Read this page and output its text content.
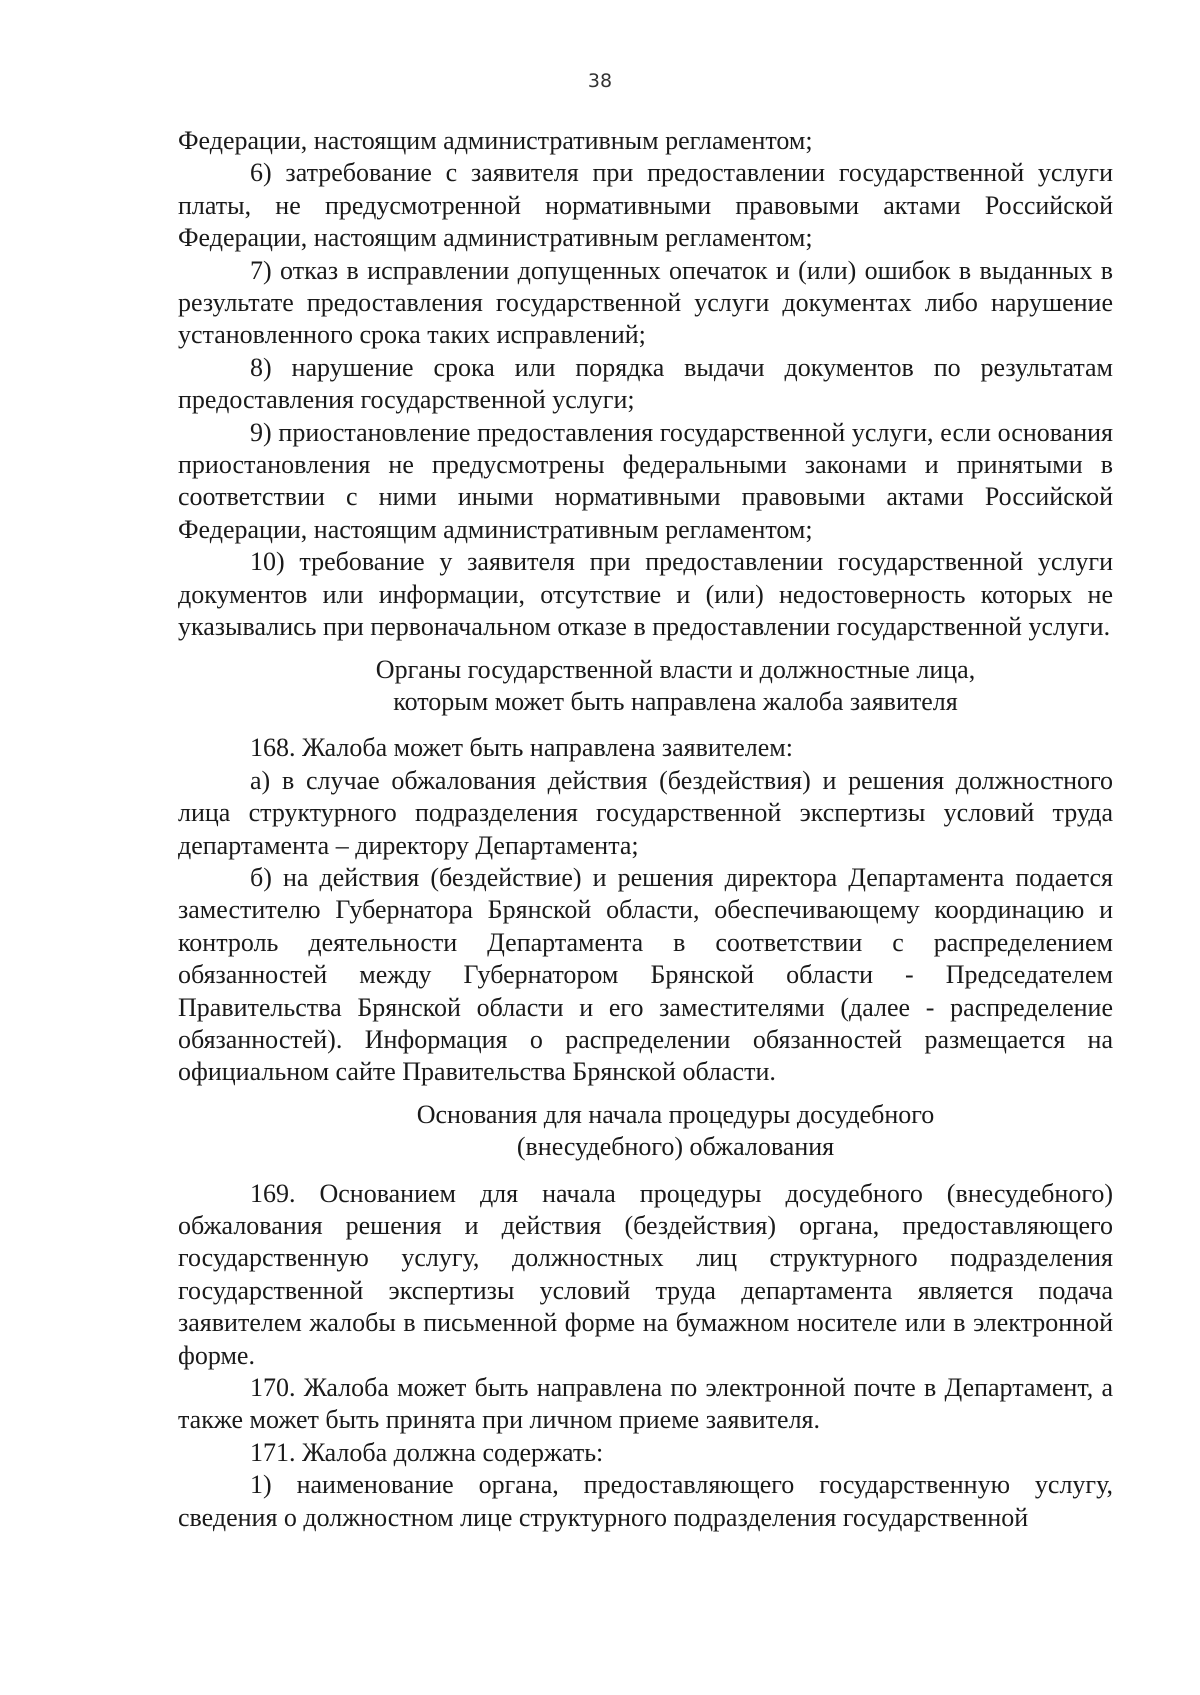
38

Федерации, настоящим административным регламентом;

6) затребование с заявителя при предоставлении государственной услуги платы, не предусмотренной нормативными правовыми актами Российской Федерации, настоящим административным регламентом;

7) отказ в исправлении допущенных опечаток и (или) ошибок в выданных в результате предоставления государственной услуги документах либо нарушение установленного срока таких исправлений;

8) нарушение срока или порядка выдачи документов по результатам предоставления государственной услуги;

9) приостановление предоставления государственной услуги, если основания приостановления не предусмотрены федеральными законами и принятыми в соответствии с ними иными нормативными правовыми актами Российской Федерации, настоящим административным регламентом;

10) требование у заявителя при предоставлении государственной услуги документов или информации, отсутствие и (или) недостоверность которых не указывались при первоначальном отказе в предоставлении государственной услуги.

Органы государственной власти и должностные лица,
которым может быть направлена жалоба заявителя

168. Жалоба может быть направлена заявителем:

а) в случае обжалования действия (бездействия) и решения должностного лица структурного подразделения государственной экспертизы условий труда департамента – директору Департамента;

б) на действия (бездействие) и решения директора Департамента подается заместителю Губернатора Брянской области, обеспечивающему координацию и контроль деятельности Департамента в соответствии с распределением обязанностей между Губернатором Брянской области - Председателем Правительства Брянской области и его заместителями (далее - распределение обязанностей). Информация о распределении обязанностей размещается на официальном сайте Правительства Брянской области.

Основания для начала процедуры досудебного
(внесудебного) обжалования

169. Основанием для начала процедуры досудебного (внесудебного) обжалования решения и действия (бездействия) органа, предоставляющего государственную услугу, должностных лиц структурного подразделения государственной экспертизы условий труда департамента является подача заявителем жалобы в письменной форме на бумажном носителе или в электронной форме.

170. Жалоба может быть направлена по электронной почте в Департамент, а также может быть принята при личном приеме заявителя.

171. Жалоба должна содержать:

1) наименование органа, предоставляющего государственную услугу, сведения о должностном лице структурного подразделения государственной
